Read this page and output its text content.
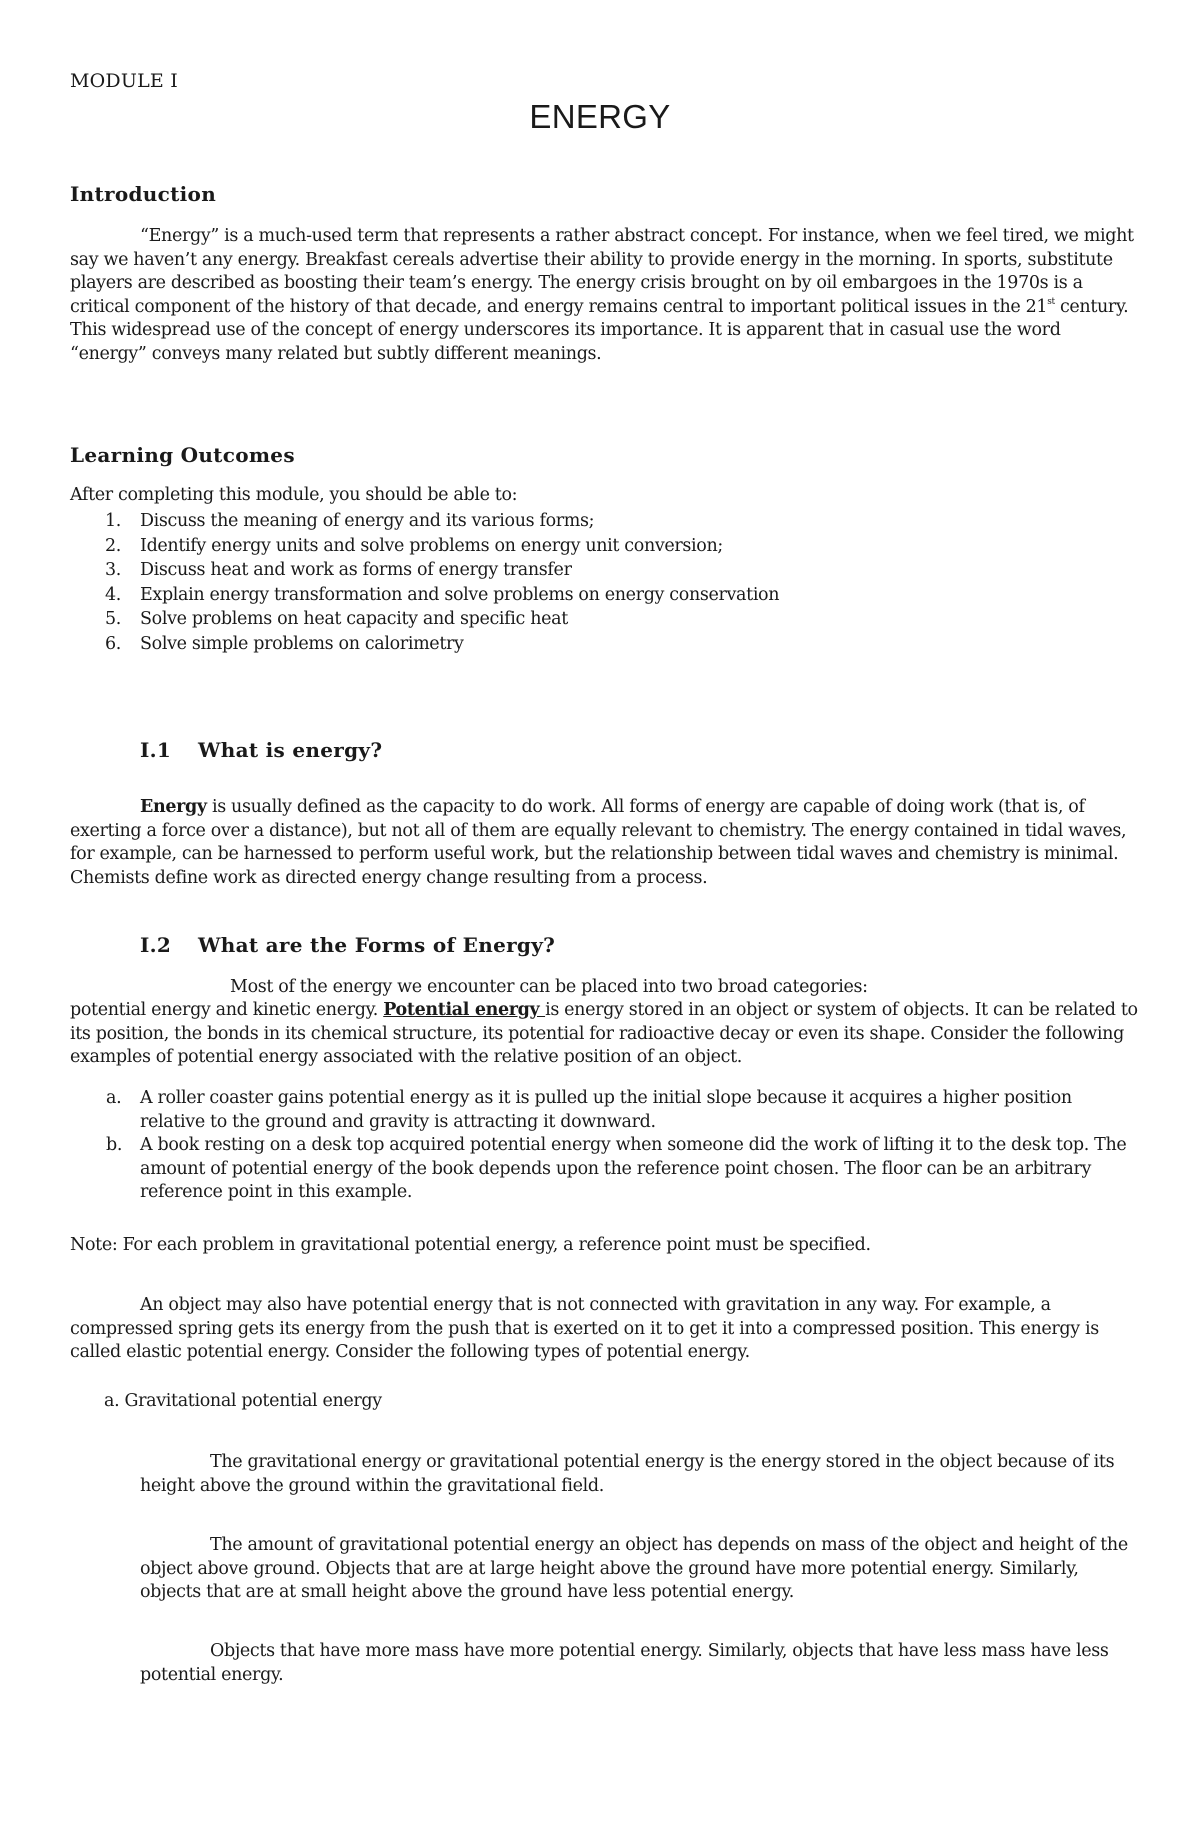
MODULE I
ENERGY
Introduction
“Energy” is a much-used term that represents a rather abstract concept. For instance, when we feel tired, we might say we haven’t any energy. Breakfast cereals advertise their ability to provide energy in the morning. In sports, substitute players are described as boosting their team’s energy. The energy crisis brought on by oil embargoes in the 1970s is a critical component of the history of that decade, and energy remains central to important political issues in the 21st century. This widespread use of the concept of energy underscores its importance. It is apparent that in casual use the word “energy” conveys many related but subtly different meanings.
Learning Outcomes
After completing this module, you should be able to:
1. Discuss the meaning of energy and its various forms;
2. Identify energy units and solve problems on energy unit conversion;
3. Discuss heat and work as forms of energy transfer
4. Explain energy transformation and solve problems on energy conservation
5. Solve problems on heat capacity and specific heat
6. Solve simple problems on calorimetry
I.1 What is energy?
Energy is usually defined as the capacity to do work. All forms of energy are capable of doing work (that is, of exerting a force over a distance), but not all of them are equally relevant to chemistry. The energy contained in tidal waves, for example, can be harnessed to perform useful work, but the relationship between tidal waves and chemistry is minimal. Chemists define work as directed energy change resulting from a process.
I.2 What are the Forms of Energy?
Most of the energy we encounter can be placed into two broad categories:
potential energy and kinetic energy. Potential energy is energy stored in an object or system of objects. It can be related to its position, the bonds in its chemical structure, its potential for radioactive decay or even its shape. Consider the following examples of potential energy associated with the relative position of an object.
a. A roller coaster gains potential energy as it is pulled up the initial slope because it acquires a higher position relative to the ground and gravity is attracting it downward.
b. A book resting on a desk top acquired potential energy when someone did the work of lifting it to the desk top. The amount of potential energy of the book depends upon the reference point chosen. The floor can be an arbitrary reference point in this example.
Note: For each problem in gravitational potential energy, a reference point must be specified.
An object may also have potential energy that is not connected with gravitation in any way. For example, a compressed spring gets its energy from the push that is exerted on it to get it into a compressed position. This energy is called elastic potential energy. Consider the following types of potential energy.
a. Gravitational potential energy
The gravitational energy or gravitational potential energy is the energy stored in the object because of its height above the ground within the gravitational field.
The amount of gravitational potential energy an object has depends on mass of the object and height of the object above ground. Objects that are at large height above the ground have more potential energy. Similarly, objects that are at small height above the ground have less potential energy.
Objects that have more mass have more potential energy. Similarly, objects that have less mass have less potential energy.
